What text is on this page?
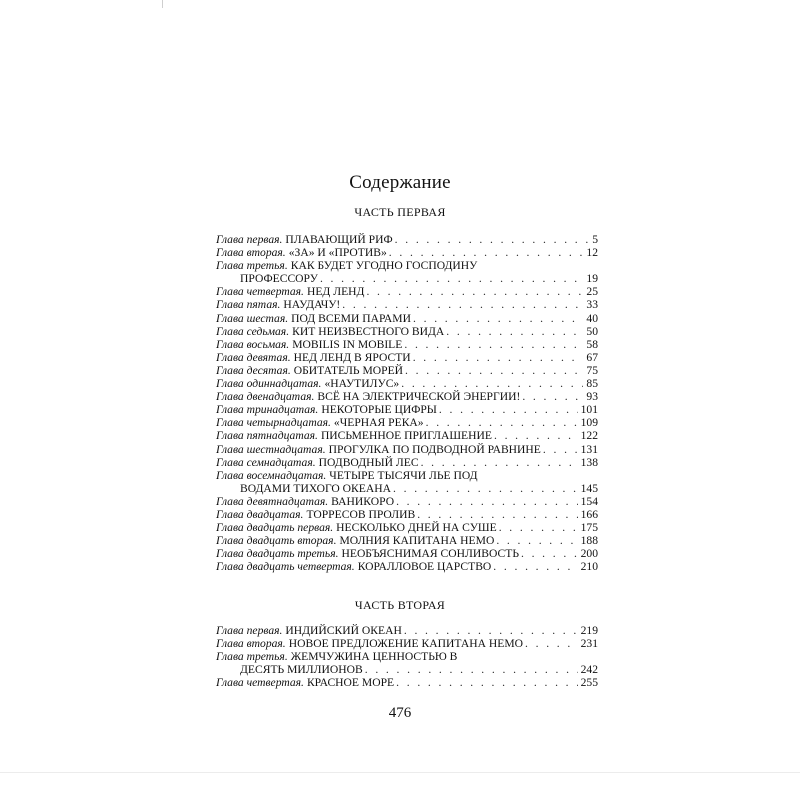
Содержание
ЧАСТЬ ПЕРВАЯ
Глава первая. ПЛАВАЮЩИЙ РИФ . . .	5
Глава вторая. «ЗА» И «ПРОТИВ» . . .	12
Глава третья. КАК БУДЕТ УГОДНО ГОСПОДИНУ
ПРОФЕССОРУ . . .	19
Глава четвертая. НЕД ЛЕНД . . .	25
Глава пятая. НАУДАЧУ! . . .	33
Глава шестая. ПОД ВСЕМИ ПАРАМИ . . .	40
Глава седьмая. КИТ НЕИЗВЕСТНОГО ВИДА . . .	50
Глава восьмая. MOBILIS IN MOBILE . . .	58
Глава девятая. НЕД ЛЕНД В ЯРОСТИ . . .	67
Глава десятая. ОБИТАТЕЛЬ МОРЕЙ . . .	75
Глава одиннадцатая. «НАУТИЛУС» . . .	85
Глава двенадцатая. ВСЁ НА ЭЛЕКТРИЧЕСКОЙ ЭНЕРГИИ! . . .	93
Глава тринадцатая. НЕКОТОРЫЕ ЦИФРЫ . . .	101
Глава четырнадцатая. «ЧЕРНАЯ РЕКА» . . .	109
Глава пятнадцатая. ПИСЬМЕННОЕ ПРИГЛАШЕНИЕ . . .	122
Глава шестнадцатая. ПРОГУЛКА ПО ПОДВОДНОЙ РАВНИНЕ . . .	131
Глава семнадцатая. ПОДВОДНЫЙ ЛЕС . . .	138
Глава восемнадцатая. ЧЕТЫРЕ ТЫСЯЧИ ЛЬЕ ПОД
ВОДАМИ ТИХОГО ОКЕАНА . . .	145
Глава девятнадцатая. ВАНИКОРО . . .	154
Глава двадцатая. ТОРРЕСОВ ПРОЛИВ . . .	166
Глава двадцать первая. НЕСКОЛЬКО ДНЕЙ НА СУШЕ . . .	175
Глава двадцать вторая. МОЛНИЯ КАПИТАНА НЕМО . . .	188
Глава двадцать третья. НЕОБЪЯСНИМАЯ СОНЛИВОСТЬ . . .	200
Глава двадцать четвертая. КОРАЛЛОВОЕ ЦАРСТВО . . .	210
ЧАСТЬ ВТОРАЯ
Глава первая. ИНДИЙСКИЙ ОКЕАН . . .	219
Глава вторая. НОВОЕ ПРЕДЛОЖЕНИЕ КАПИТАНА НЕМО . . .	231
Глава третья. ЖЕМЧУЖИНА ЦЕННОСТЬЮ В
ДЕСЯТЬ МИЛЛИОНОВ . . .	242
Глава четвертая. КРАСНОЕ МОРЕ . . .	255
476
